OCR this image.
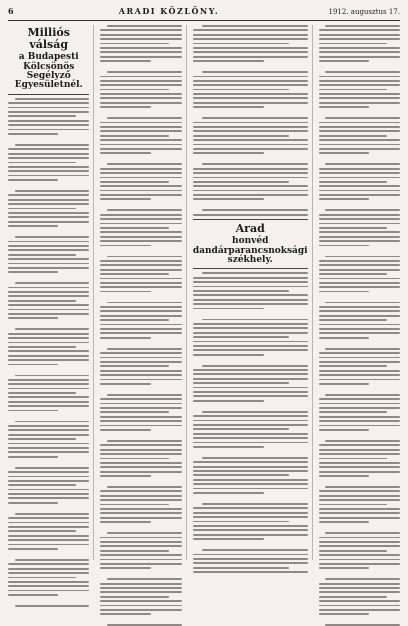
6	ARADI KÖZLÖNY.	1912. augusztus 17.
Milliós válság
a Budapesti Kölcsönös Segélyző Egyesületnél.
Arad
honvéd dandárparancsnoksági székhely.
